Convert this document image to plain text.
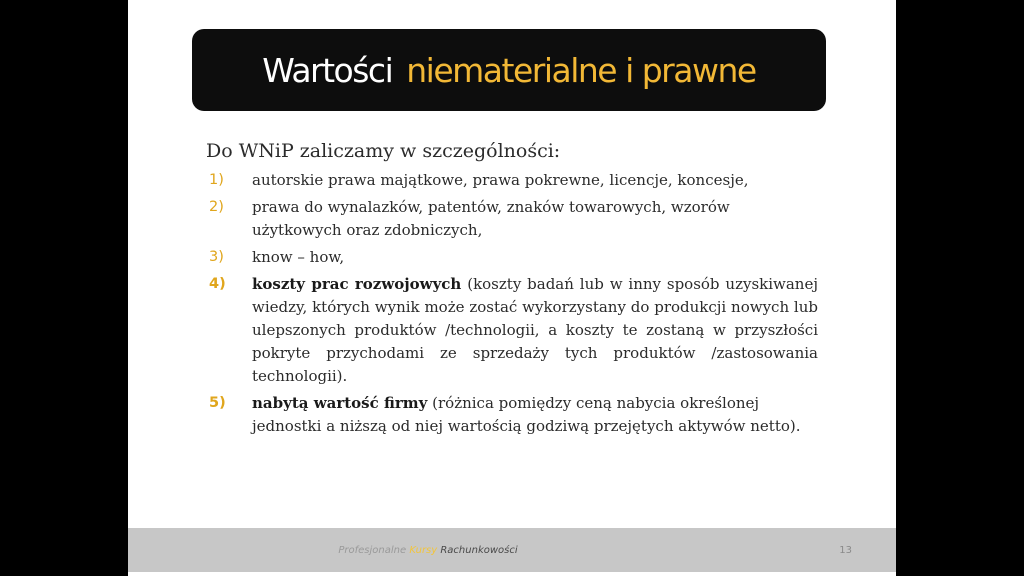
Wartości niematerialne i prawne
Do WNiP zaliczamy w szczególności:
1) autorskie prawa majątkowe, prawa pokrewne, licencje, koncesje,
2) prawa do wynalazków, patentów, znaków towarowych, wzorów użytkowych oraz zdobniczych,
3) know – how,
4) koszty prac rozwojowych (koszty badań lub w inny sposób uzyskiwanej wiedzy, których wynik może zostać wykorzystany do produkcji nowych lub ulepszonych produktów /technologii, a koszty te zostaną w przyszłości pokryte przychodami ze sprzedaży tych produktów /zastosowania technologii).
5) nabytą wartość firmy (różnica pomiędzy ceną nabycia określonej jednostki a niższą od niej wartością godziwą przejętych aktywów netto).
Profesjonalne Kursy Rachunkowości	13
